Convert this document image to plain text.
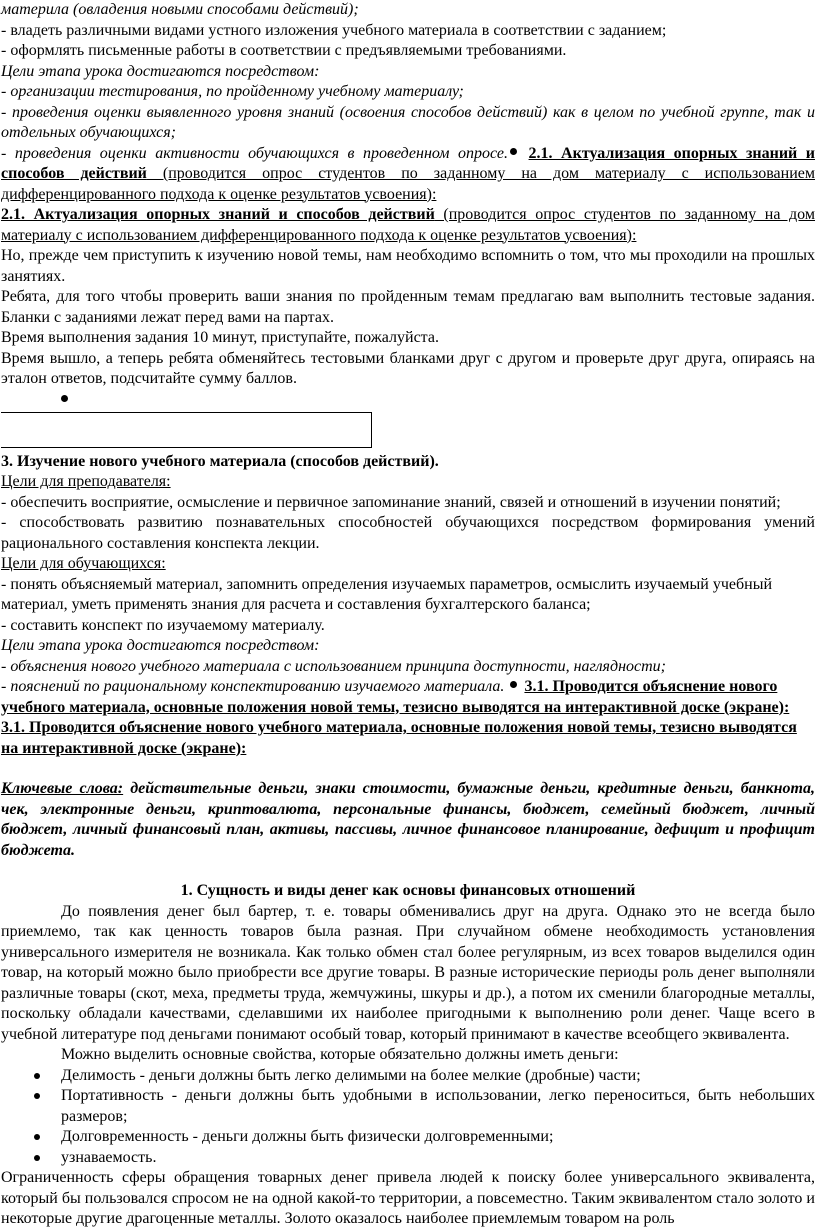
материла (овладения новыми способами действий);

- владеть различными видами устного изложения учебного материала в соответствии с заданием;

- оформлять письменные работы в соответствии с предъявляемыми требованиями.

Цели этапа урока достигаются посредством:

- организации тестирования, по пройденному учебному материалу;

- проведения оценки выявленного уровня знаний (освоения способов действий) как в целом по учебной группе, так и отдельных обучающихся;

- проведения оценки активности обучающихся в проведенном опросе. 2.1. Актуализация опорных знаний и способов действий (проводится опрос студентов по заданному на дом материалу с использованием дифференцированного подхода к оценке результатов усвоения):

2.1. Актуализация опорных знаний и способов действий (проводится опрос студентов по заданному на дом материалу с использованием дифференцированного подхода к оценке результатов усвоения):

Но, прежде чем приступить к изучению новой темы, нам необходимо вспомнить о том, что мы проходили на прошлых занятиях.

Ребята, для того чтобы проверить ваши знания по пройденным темам предлагаю вам выполнить тестовые задания. Бланки с заданиями лежат перед вами на партах.

Время выполнения задания 10 минут, приступайте, пожалуйста.

Время вышло, а теперь ребята обменяйтесь тестовыми бланками друг с другом и проверьте друг друга, опираясь на эталон ответов, подсчитайте сумму баллов.

3. Изучение нового учебного материала (способов действий).

Цели для преподавателя:

- обеспечить восприятие, осмысление и первичное запоминание знаний, связей и отношений в изучении понятий;

- способствовать развитию познавательных способностей обучающихся посредством формирования умений рационального составления конспекта лекции.

Цели для обучающихся:

- понять объясняемый материал, запомнить определения изучаемых параметров, осмыслить изучаемый учебный материал, уметь применять знания для расчета и составления бухгалтерского баланса;

- составить конспект по изучаемому материалу.

Цели этапа урока достигаются посредством:

- объяснения нового учебного материала с использованием принципа доступности, наглядности;

- пояснений по рациональному конспектированию изучаемого материала.  3.1. Проводится объяснение нового учебного материала, основные положения новой темы, тезисно выводятся на интерактивной доске (экране):

3.1. Проводится объяснение нового учебного материала, основные положения новой темы, тезисно выводятся на интерактивной доске (экране):

Ключевые слова: действительные деньги, знаки стоимости, бумажные деньги, кредитные деньги, банкнота, чек, электронные деньги, криптовалюта, персональные финансы, бюджет, семейный бюджет, личный бюджет, личный финансовый план, активы, пассивы, личное финансовое планирование, дефицит и профицит бюджета.

1. Сущность и виды денег как основы финансовых отношений

До появления денег был бартер, т. е. товары обменивались друг на друга. Однако это не всегда было приемлемо, так как ценность товаров была разная. При случайном обмене необходимость установления универсального измерителя не возникала. Как только обмен стал более регулярным, из всех товаров выделился один товар, на который можно было приобрести все другие товары. В разные исторические периоды роль денег выполняли различные товары (скот, меха, предметы труда, жемчужины, шкуры и др.), а потом их сменили благородные металлы, поскольку обладали качествами, сделавшими их наиболее пригодными к выполнению роли денег. Чаще всего в учебной литературе под деньгами понимают особый товар, который принимают в качестве всеобщего эквивалента.

Можно выделить основные свойства, которые обязательно должны иметь деньги:

Делимость - деньги должны быть легко делимыми на более мелкие (дробные) части;
Портативность - деньги должны быть удобными в использовании, легко переноситься, быть небольших размеров;
Долговременность - деньги должны быть физически долговременными;
узнаваемость.

Ограниченность сферы обращения товарных денег привела людей к поиску более универсального эквивалента, который бы пользовался спросом не на одной какой-то территории, а повсеместно. Таким эквивалентом стало золото и некоторые другие драгоценные металлы. Золото оказалось наиболее приемлемым товаром на роль
